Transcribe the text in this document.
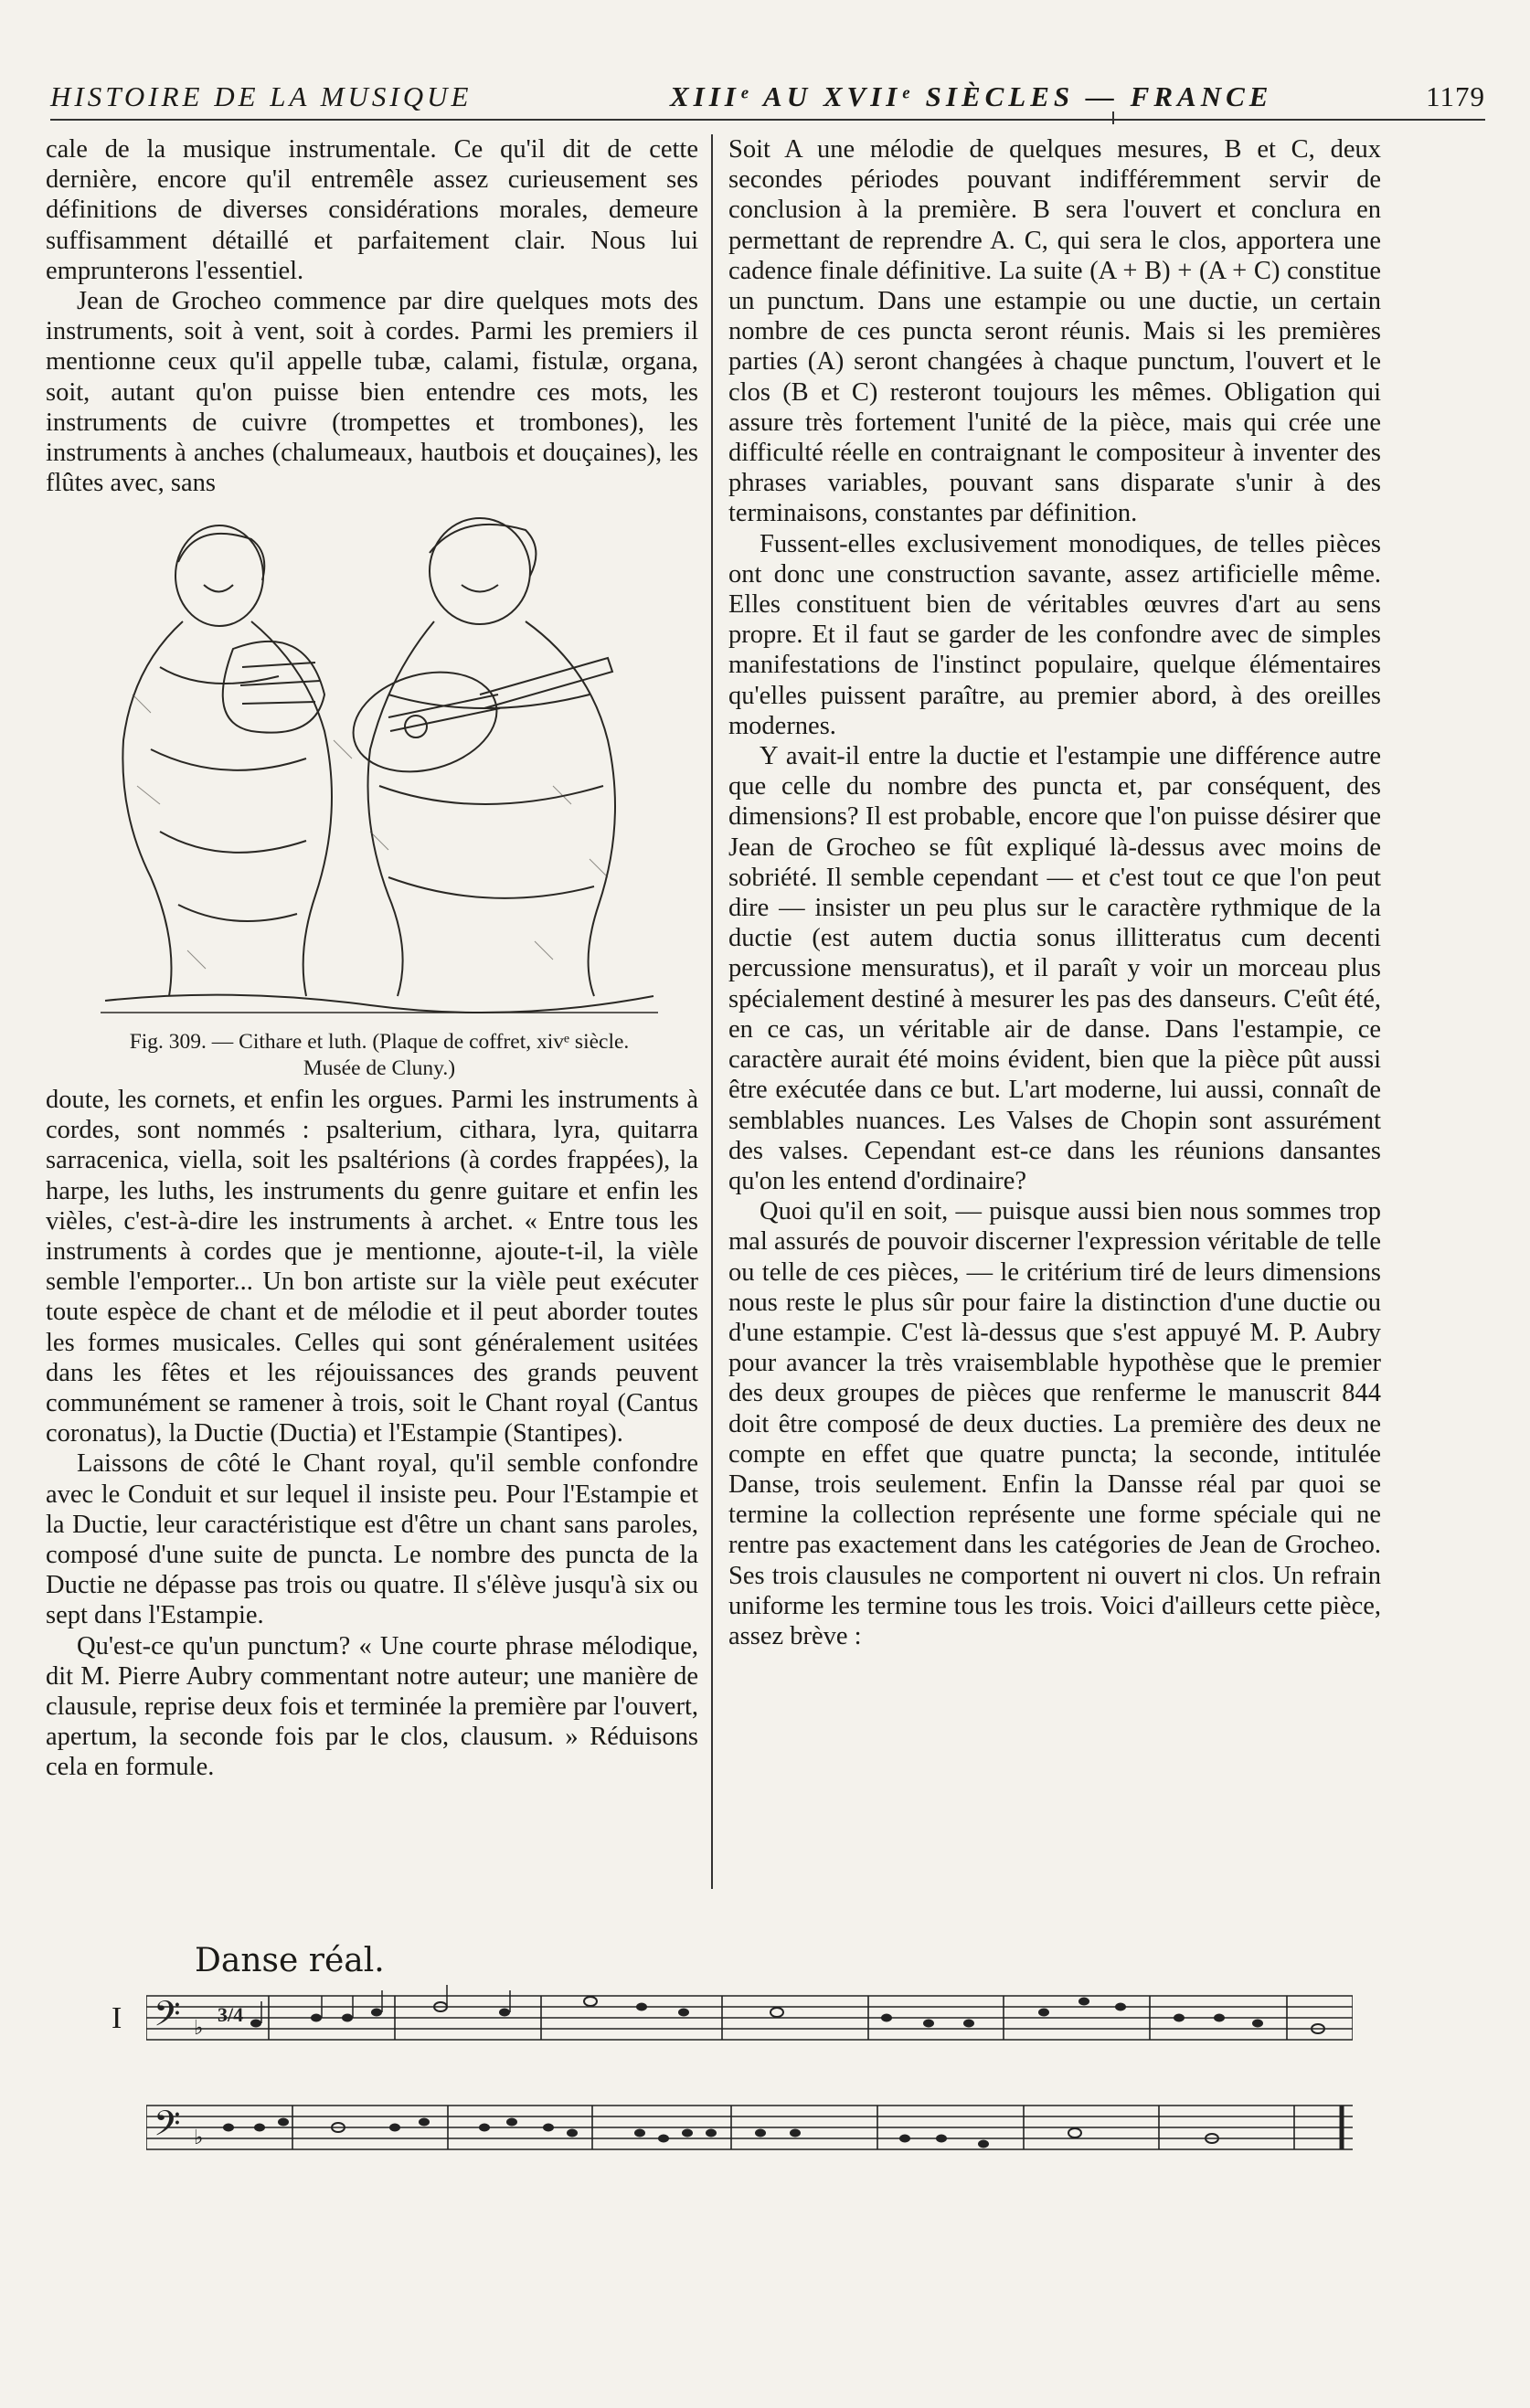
HISTOIRE DE LA MUSIQUE	XIIIᵉ AU XVIIᵉ SIÈCLES — FRANCE	1179

cale de la musique instrumentale. Ce qu'il dit de cette dernière, encore qu'il entremêle assez curieusement ses définitions de diverses considérations morales, demeure suffisamment détaillé et parfaitement clair. Nous lui emprunterons l'essentiel.

Jean de Grocheo commence par dire quelques mots des instruments, soit à vent, soit à cordes. Parmi les premiers il mentionne ceux qu'il appelle tubæ, calami, fistulæ, organa, soit, autant qu'on puisse bien entendre ces mots, les instruments de cuivre (trompettes et trombones), les instruments à anches (chalumeaux, hautbois et douçaines), les flûtes avec, sans

Fig. 309. — Cithare et luth. (Plaque de coffret, xivᵉ siècle.
Musée de Cluny.)

doute, les cornets, et enfin les orgues. Parmi les instruments à cordes, sont nommés : psalterium, cithara, lyra, quitarra sarracenica, viella, soit les psaltérions (à cordes frappées), la harpe, les luths, les instruments du genre guitare et enfin les vièles, c'est-à-dire les instruments à archet. « Entre tous les instruments à cordes que je mentionne, ajoute-t-il, la vièle semble l'emporter... Un bon artiste sur la vièle peut exécuter toute espèce de chant et de mélodie et il peut aborder toutes les formes musicales. Celles qui sont généralement usitées dans les fêtes et les réjouissances des grands peuvent communément se ramener à trois, soit le Chant royal (Cantus coronatus), la Ductie (Ductia) et l'Estampie (Stantipes).

Laissons de côté le Chant royal, qu'il semble confondre avec le Conduit et sur lequel il insiste peu. Pour l'Estampie et la Ductie, leur caractéristique est d'être un chant sans paroles, composé d'une suite de puncta. Le nombre des puncta de la Ductie ne dépasse pas trois ou quatre. Il s'élève jusqu'à six ou sept dans l'Estampie.

Qu'est-ce qu'un punctum? « Une courte phrase mélodique, dit M. Pierre Aubry commentant notre auteur; une manière de clausule, reprise deux fois et terminée la première par l'ouvert, apertum, la seconde fois par le clos, clausum. » Réduisons cela en formule.

Soit A une mélodie de quelques mesures, B et C, deux secondes périodes pouvant indifféremment servir de conclusion à la première. B sera l'ouvert et conclura en permettant de reprendre A. C, qui sera le clos, apportera une cadence finale définitive. La suite (A + B) + (A + C) constitue un punctum. Dans une estampie ou une ductie, un certain nombre de ces puncta seront réunis. Mais si les premières parties (A) seront changées à chaque punctum, l'ouvert et le clos (B et C) resteront toujours les mêmes. Obligation qui assure très fortement l'unité de la pièce, mais qui crée une difficulté réelle en contraignant le compositeur à inventer des phrases variables, pouvant sans disparate s'unir à des terminaisons, constantes par définition.

Fussent-elles exclusivement monodiques, de telles pièces ont donc une construction savante, assez artificielle même. Elles constituent bien de véritables œuvres d'art au sens propre. Et il faut se garder de les confondre avec de simples manifestations de l'instinct populaire, quelque élémentaires qu'elles puissent paraître, au premier abord, à des oreilles modernes.

Y avait-il entre la ductie et l'estampie une différence autre que celle du nombre des puncta et, par conséquent, des dimensions? Il est probable, encore que l'on puisse désirer que Jean de Grocheo se fût expliqué là-dessus avec moins de sobriété. Il semble cependant — et c'est tout ce que l'on peut dire — insister un peu plus sur le caractère rythmique de la ductie (est autem ductia sonus illitteratus cum decenti percussione mensuratus), et il paraît y voir un morceau plus spécialement destiné à mesurer les pas des danseurs. C'eût été, en ce cas, un véritable air de danse. Dans l'estampie, ce caractère aurait été moins évident, bien que la pièce pût aussi être exécutée dans ce but. L'art moderne, lui aussi, connaît de semblables nuances. Les Valses de Chopin sont assurément des valses. Cependant est-ce dans les réunions dansantes qu'on les entend d'ordinaire?

Quoi qu'il en soit, — puisque aussi bien nous sommes trop mal assurés de pouvoir discerner l'expression véritable de telle ou telle de ces pièces, — le critérium tiré de leurs dimensions nous reste le plus sûr pour faire la distinction d'une ductie ou d'une estampie. C'est là-dessus que s'est appuyé M. P. Aubry pour avancer la très vraisemblable hypothèse que le premier des deux groupes de pièces que renferme le manuscrit 844 doit être composé de deux ducties. La première des deux ne compte en effet que quatre puncta; la seconde, intitulée Danse, trois seulement. Enfin la Dansse réal par quoi se termine la collection représente une forme spéciale qui ne rentre pas exactement dans les catégories de Jean de Grocheo. Ses trois clausules ne comportent ni ouvert ni clos. Un refrain uniforme les termine tous les trois. Voici d'ailleurs cette pièce, assez brève :

Danse réal.
I 𝄢 ♭
3/4
𝄢 ♭
